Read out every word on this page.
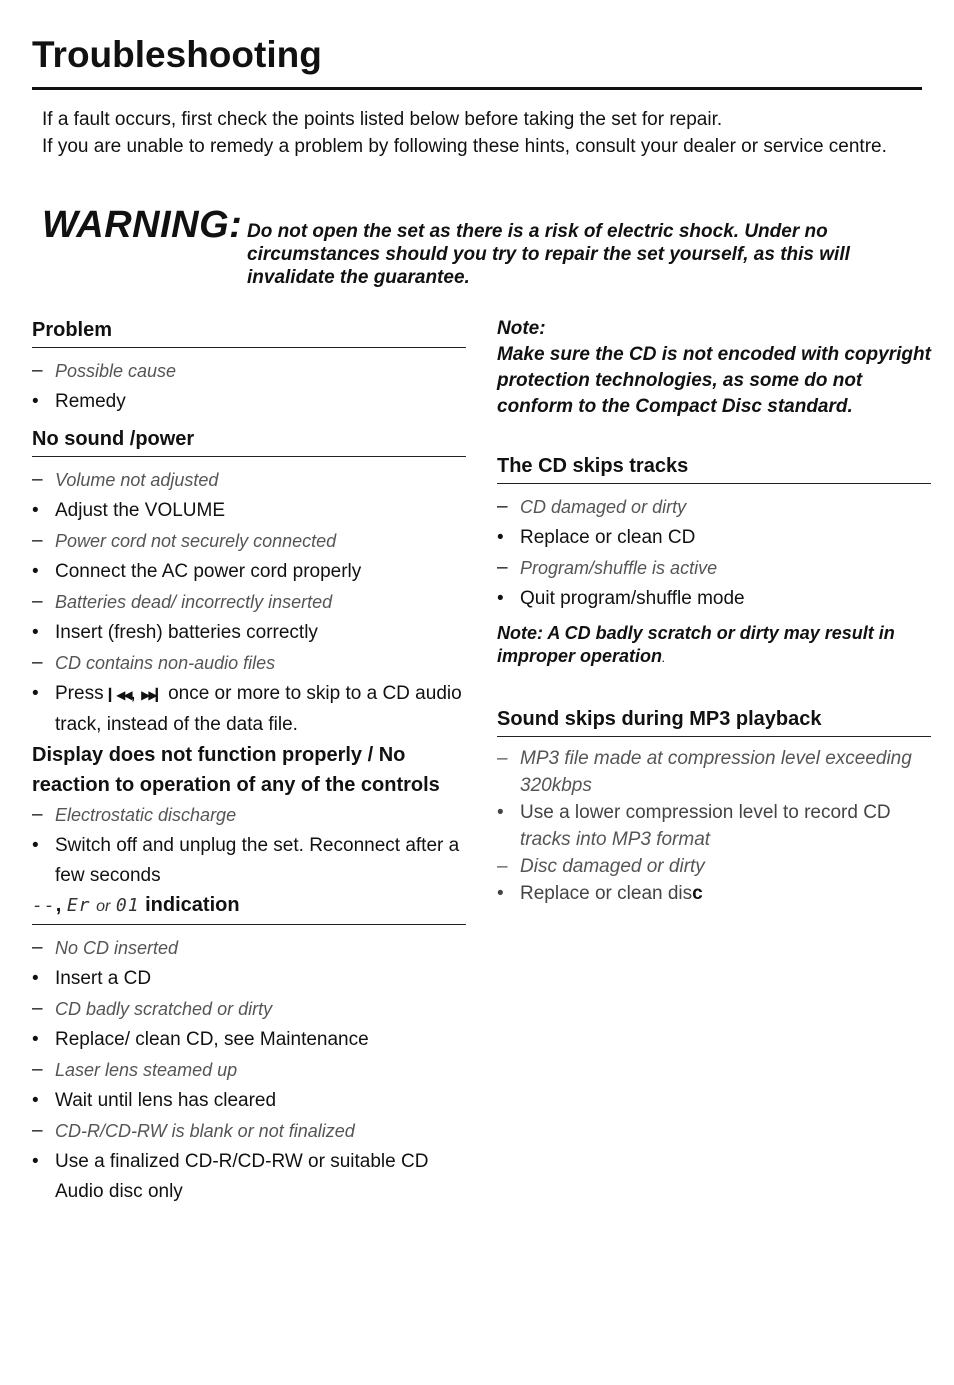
Troubleshooting

If a fault occurs, first check the points listed below before taking the set for repair.

If you are unable to remedy a problem by following these hints, consult your dealer or service centre.

WARNING: Do not open the set as there is a risk of electric shock. Under no circumstances should you try to repair the set yourself, as this will invalidate the guarantee.
Problem

– Possible cause

• Remedy

No sound /power

– Volume not adjusted

• Adjust the VOLUME

– Power cord not securely connected

• Connect the AC power cord properly

– Batteries dead/ incorrectly inserted

• Insert (fresh) batteries correctly

– CD contains non-audio files

• Press ▎◀◀, ▶▶▎ once or more to skip to a CD audio track, instead of the data file.

Display does not function properly / No reaction to operation of any of the controls

– Electrostatic discharge

• Switch off and unplug the set. Reconnect after a few seconds

--, Er or 01 indication

– No CD inserted

• Insert a CD

– CD badly scratched or dirty

• Replace/ clean CD, see Maintenance

– Laser lens steamed up

• Wait until lens has cleared

– CD-R/CD-RW is blank or not finalized

• Use a finalized CD-R/CD-RW or suitable CD Audio disc only

Note:
Make sure the CD is not encoded with copyright protection technologies, as some do not conform to the Compact Disc standard.
The CD skips tracks

– CD damaged or dirty

• Replace or clean CD

– Program/shuffle is active

• Quit program/shuffle mode

Note: A CD badly scratch or dirty may result in improper operation.
Sound skips during MP3 playback

– MP3 file made at compression level exceeding 320kbps

• Use a lower compression level to record CD
tracks into MP3 format

– Disc damaged or dirty

• Replace or clean disc
